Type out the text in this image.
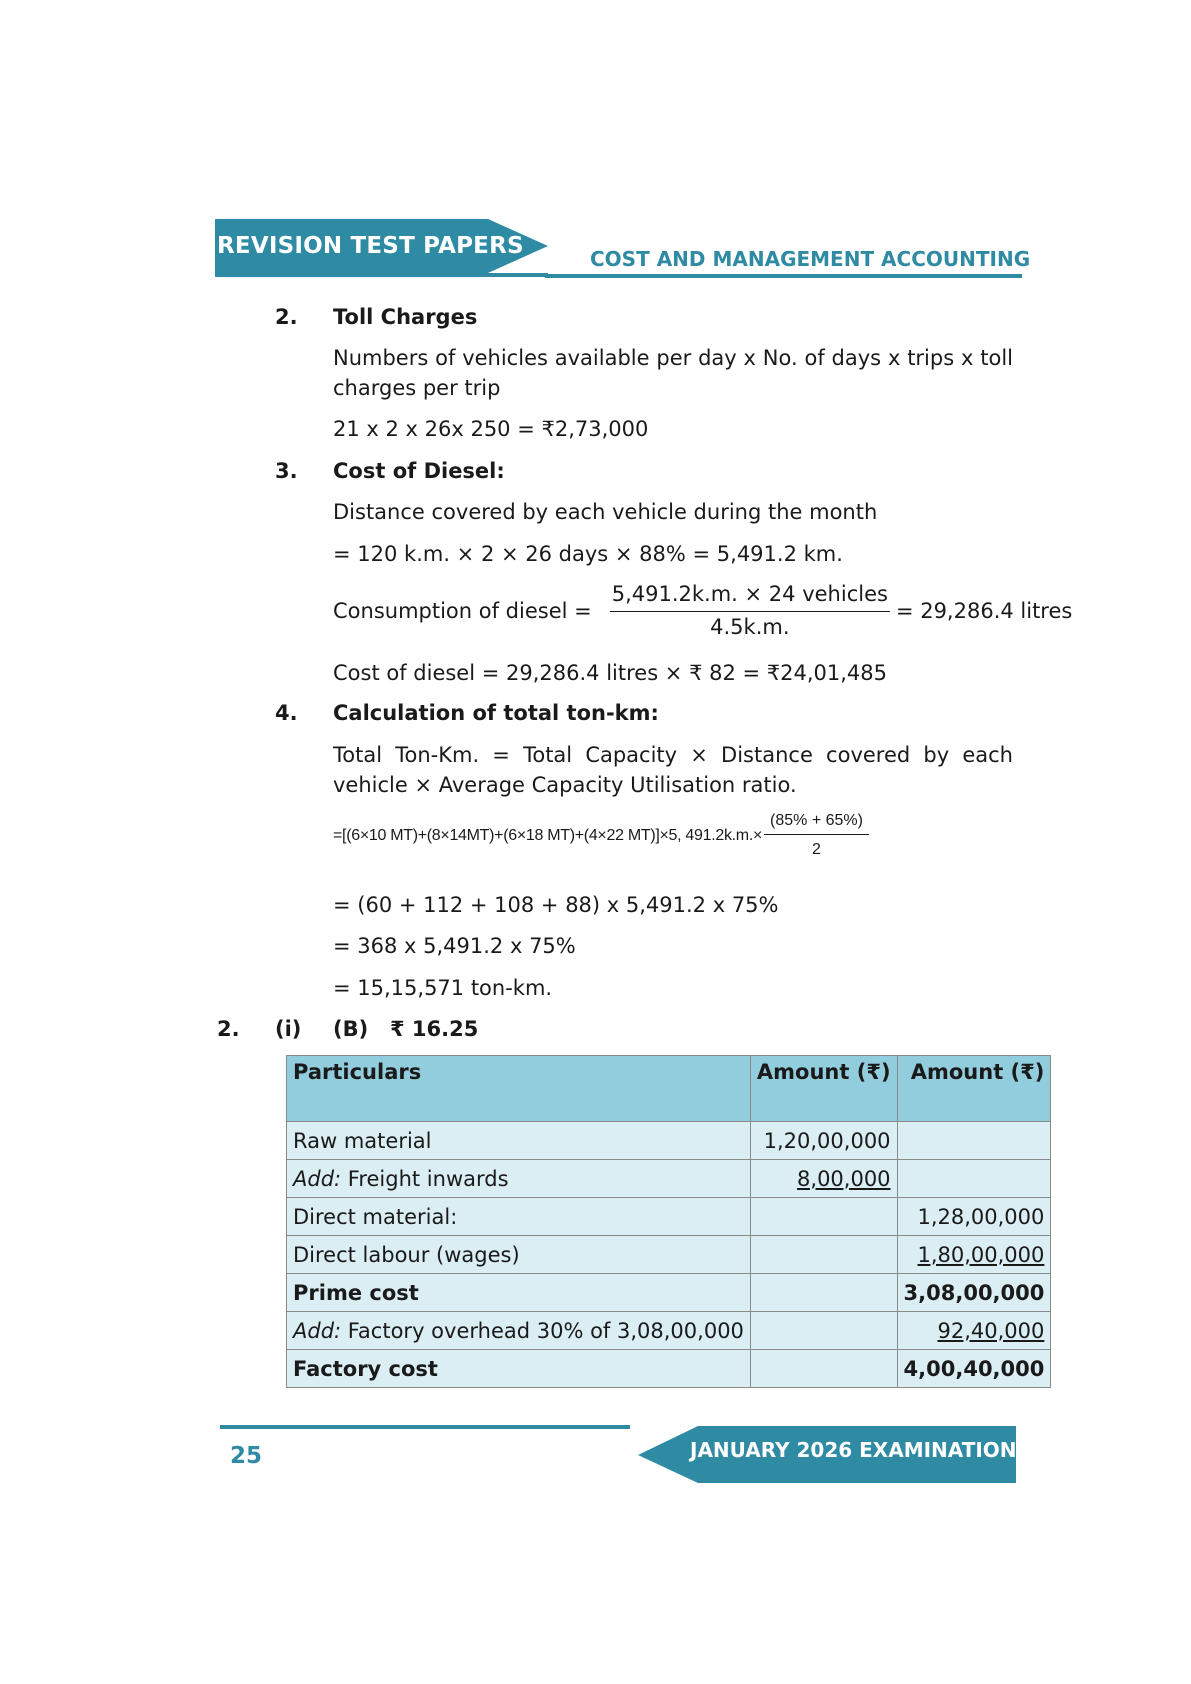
REVISION TEST PAPERS	COST AND MANAGEMENT ACCOUNTING
2. Toll Charges
Numbers of vehicles available per day x No. of days x trips x toll charges per trip
21 x 2 x 26x 250 = ₹2,73,000
3. Cost of Diesel:
Distance covered by each vehicle during the month
= 120 k.m. × 2 × 26 days × 88% = 5,491.2 km.
Consumption of diesel =
5,491.2k.m. × 24 vehicles
4.5k.m.
= 29,286.4 litres
Cost of diesel = 29,286.4 litres × ₹ 82 = ₹24,01,485
4. Calculation of total ton-km:
Total Ton-Km. = Total Capacity × Distance covered by each vehicle × Average Capacity Utilisation ratio.
=[(6×10 MT)+(8×14MT)+(6×18 MT)+(4×22 MT)]×5, $491.2k.m.\times \frac{(85\% + 65\%)}{2}$
= (60 + 112 + 108 + 88) x 5,491.2 x 75%
= 368 x 5,491.2 x 75%
= 15,15,571 ton-km.
2. (i) (B) ₹ 16.25
Particulars	Amount (₹)	Amount (₹)
Raw material	1,20,00,000	
Add: Freight inwards	8,00,000	
Direct material:		1,28,00,000
Direct labour (wages)		1,80,00,000
Prime cost		3,08,00,000
Add: Factory overhead 30% of 3,08,00,000		92,40,000
Factory cost		4,00,40,000
25	JANUARY 2026 EXAMINATION
